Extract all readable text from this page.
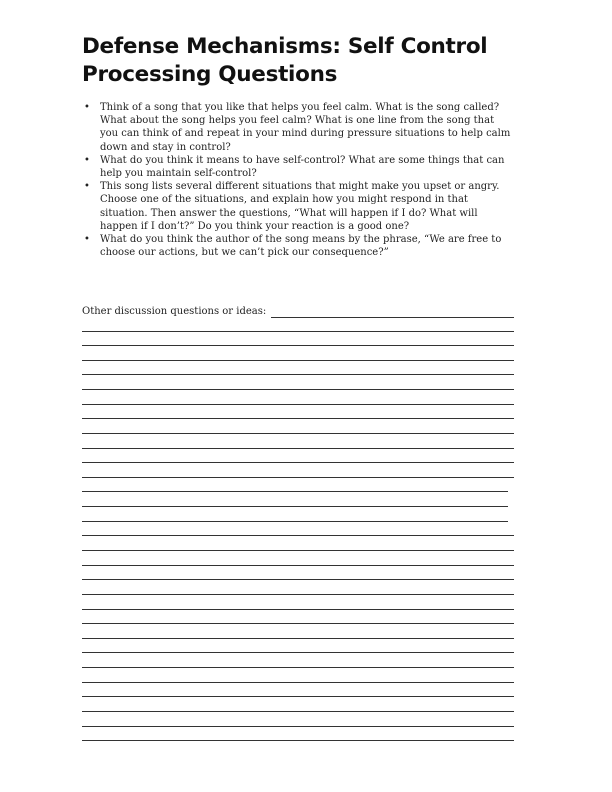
Defense Mechanisms: Self Control Processing Questions
• Think of a song that you like that helps you feel calm. What is the song called? What about the song helps you feel calm? What is one line from the song that you can think of and repeat in your mind during pressure situations to help calm down and stay in control?
• What do you think it means to have self-control? What are some things that can help you maintain self-control?
• This song lists several different situations that might make you upset or angry. Choose one of the situations, and explain how you might respond in that situation. Then answer the questions, “What will happen if I do? What will happen if I don’t?” Do you think your reaction is a good one?
• What do you think the author of the song means by the phrase, “We are free to choose our actions, but we can’t pick our consequence?”
Other discussion questions or ideas:
